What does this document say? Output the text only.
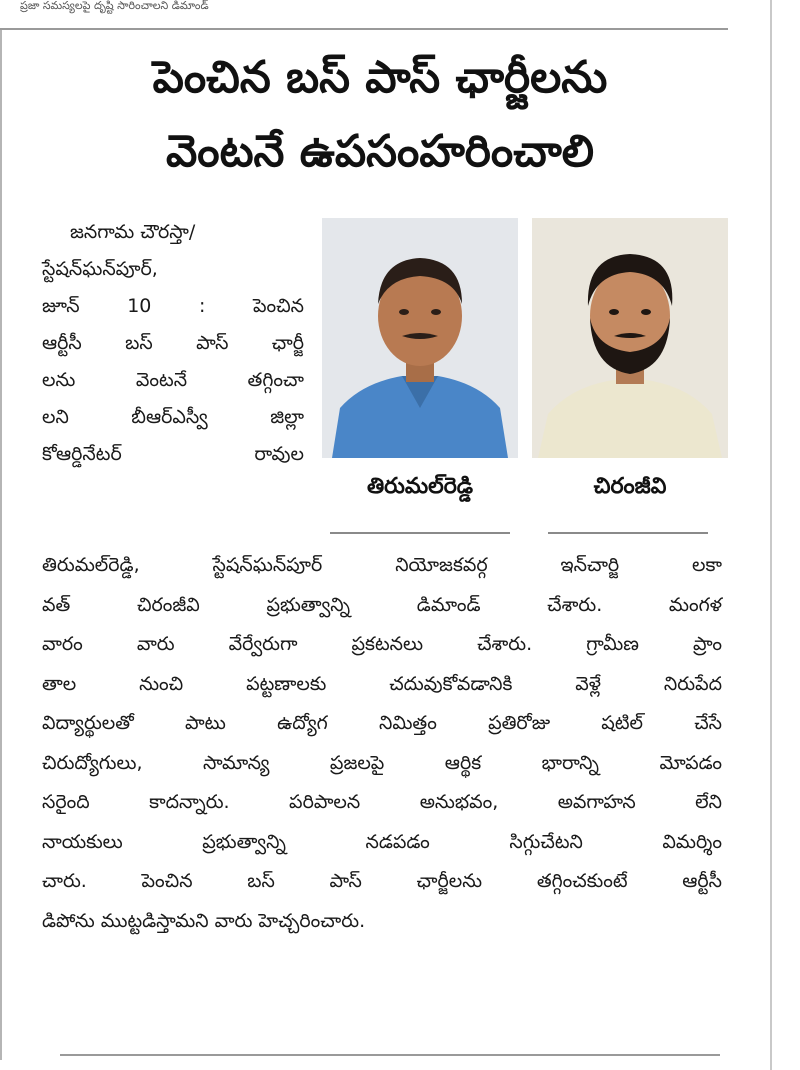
ప్రజా సమస్యలపై దృష్టి సారించాలని డిమాండ్
పెంచిన బస్ పాస్ ఛార్జీలను
వెంటనే ఉపసంహరించాలి
జనగామ చౌరస్తా/
స్టేషన్‌ఘన్‌పూర్,
జూన్ 10 : పెంచిన
ఆర్టీసీ బస్ పాస్ ఛార్జీ
లను వెంటనే తగ్గించా
లని బీఆర్ఎస్వీ జిల్లా
కోఆర్డినేటర్ రావుల
తిరుమల్‌రెడ్డి	చిరంజీవి
తిరుమల్‌రెడ్డి, స్టేషన్‌ఘన్‌పూర్ నియోజకవర్గ ఇన్‌చార్జి లకా
వత్ చిరంజీవి ప్రభుత్వాన్ని డిమాండ్ చేశారు. మంగళ
వారం వారు వేర్వేరుగా ప్రకటనలు చేశారు. గ్రామీణ ప్రాం
తాల నుంచి పట్టణాలకు చదువుకోవడానికి వెళ్లే నిరుపేద
విద్యార్థులతో పాటు ఉద్యోగ నిమిత్తం ప్రతిరోజు షటిల్ చేసే
చిరుద్యోగులు, సామాన్య ప్రజలపై ఆర్థిక భారాన్ని మోపడం
సరైంది కాదన్నారు. పరిపాలన అనుభవం, అవగాహన లేని
నాయకులు ప్రభుత్వాన్ని నడపడం సిగ్గుచేటని విమర్శిం
చారు. పెంచిన బస్ పాస్ ఛార్జీలను తగ్గించకుంటే ఆర్టీసీ
డిపోను ముట్టడిస్తామని వారు హెచ్చరించారు.
